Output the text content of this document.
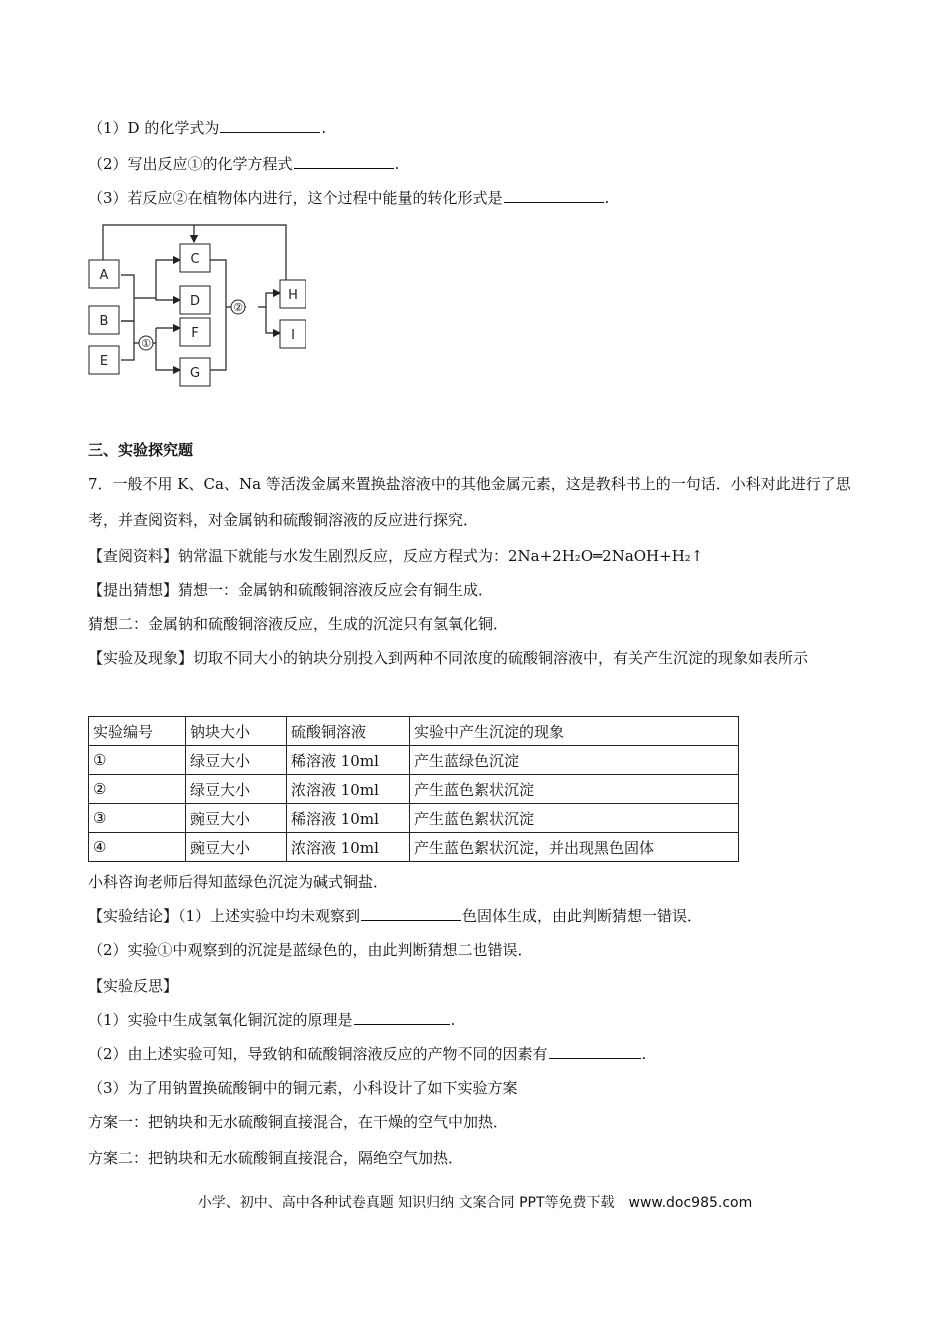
（1）D 的化学式为	.
（2）写出反应①的化学方程式	.
（3）若反应②在植物体内进行，这个过程中能量的转化形式是	.
①
②
A
B
E
C
D
F
G
H
I
三、实验探究题
7．一般不用 K、Ca、Na 等活泼金属来置换盐溶液中的其他金属元素，这是教科书上的一句话．小科对此进行了思考，并查阅资料，对金属钠和硫酸铜溶液的反应进行探究．
【查阅资料】钠常温下就能与水发生剧烈反应，反应方程式为：2Na+2H₂O═2NaOH+H₂↑
【提出猜想】猜想一：金属钠和硫酸铜溶液反应会有铜生成．
猜想二：金属钠和硫酸铜溶液反应，生成的沉淀只有氢氧化铜．
【实验及现象】切取不同大小的钠块分别投入到两种不同浓度的硫酸铜溶液中，有关产生沉淀的现象如表所示
实验编号	钠块大小	硫酸铜溶液	实验中产生沉淀的现象
①	绿豆大小	稀溶液 10ml	产生蓝绿色沉淀
②	绿豆大小	浓溶液 10ml	产生蓝色絮状沉淀
③	豌豆大小	稀溶液 10ml	产生蓝色絮状沉淀
④	豌豆大小	浓溶液 10ml	产生蓝色絮状沉淀，并出现黑色固体
小科咨询老师后得知蓝绿色沉淀为碱式铜盐．
【实验结论】（1）上述实验中均未观察到	色固体生成，由此判断猜想一错误．
（2）实验①中观察到的沉淀是蓝绿色的，由此判断猜想二也错误．
【实验反思】
（1）实验中生成氢氧化铜沉淀的原理是	.
（2）由上述实验可知，导致钠和硫酸铜溶液反应的产物不同的因素有	.
（3）为了用钠置换硫酸铜中的铜元素，小科设计了如下实验方案
方案一：把钠块和无水硫酸铜直接混合，在干燥的空气中加热．
方案二：把钠块和无水硫酸铜直接混合，隔绝空气加热．
小学、初中、高中各种试卷真题 知识归纳 文案合同 PPT等免费下载　www.doc985.com
